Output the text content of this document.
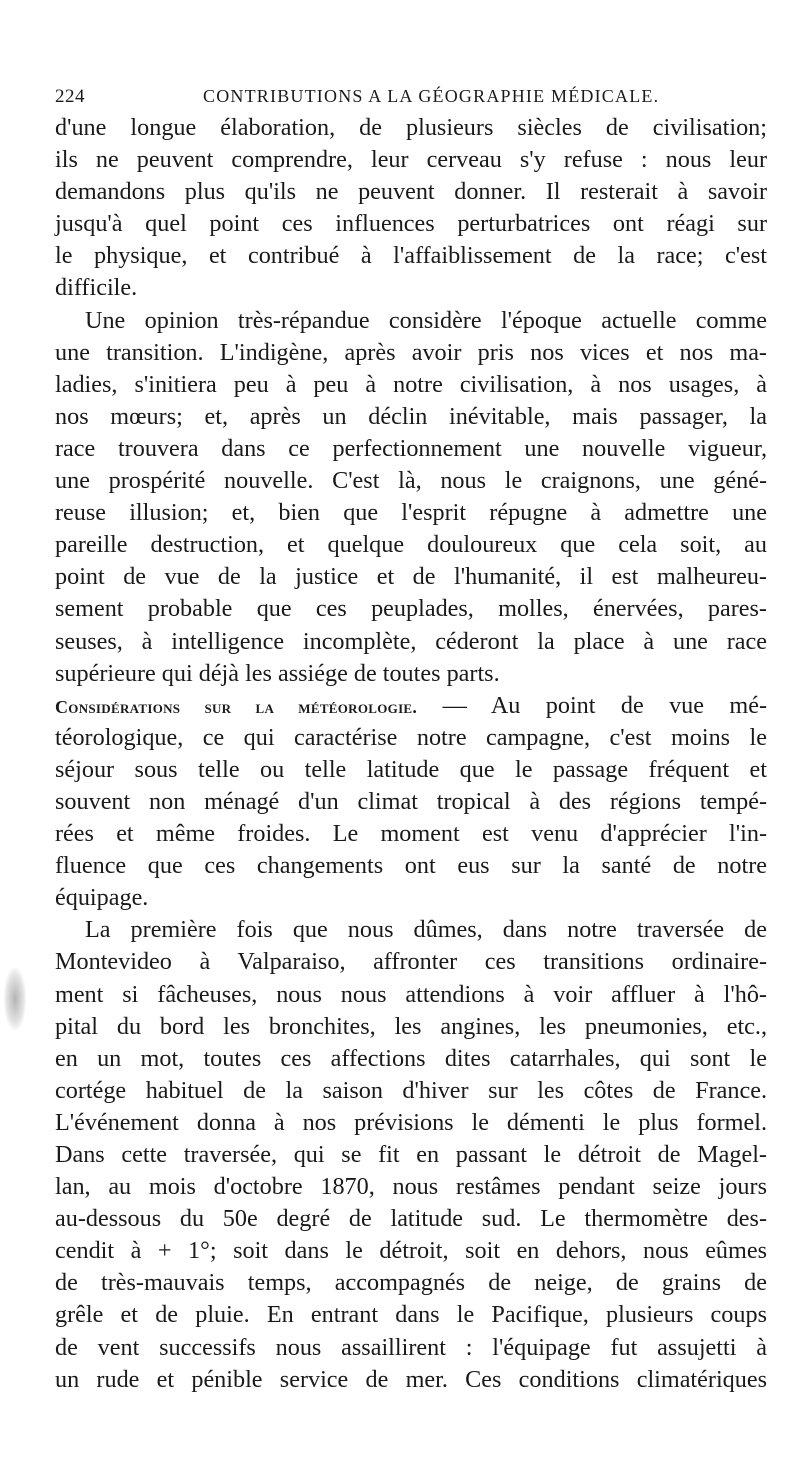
224	CONTRIBUTIONS A LA GÉOGRAPHIE MÉDICALE.

d'une longue élaboration, de plusieurs siècles de civilisation;
ils ne peuvent comprendre, leur cerveau s'y refuse : nous leur
demandons plus qu'ils ne peuvent donner. Il resterait à savoir
jusqu'à quel point ces influences perturbatrices ont réagi sur
le physique, et contribué à l'affaiblissement de la race; c'est
difficile.

Une opinion très-répandue considère l'époque actuelle comme
une transition. L'indigène, après avoir pris nos vices et nos ma-
ladies, s'initiera peu à peu à notre civilisation, à nos usages, à
nos mœurs; et, après un déclin inévitable, mais passager, la
race trouvera dans ce perfectionnement une nouvelle vigueur,
une prospérité nouvelle. C'est là, nous le craignons, une géné-
reuse illusion; et, bien que l'esprit répugne à admettre une
pareille destruction, et quelque douloureux que cela soit, au
point de vue de la justice et de l'humanité, il est malheureu-
sement probable que ces peuplades, molles, énervées, pares-
seuses, à intelligence incomplète, céderont la place à une race
supérieure qui déjà les assiége de toutes parts.

Considérations sur la météorologie. — Au point de vue mé-
téorologique, ce qui caractérise notre campagne, c'est moins le
séjour sous telle ou telle latitude que le passage fréquent et
souvent non ménagé d'un climat tropical à des régions tempé-
rées et même froides. Le moment est venu d'apprécier l'in-
fluence que ces changements ont eus sur la santé de notre
équipage.

La première fois que nous dûmes, dans notre traversée de
Montevideo à Valparaiso, affronter ces transitions ordinaire-
ment si fâcheuses, nous nous attendions à voir affluer à l'hô-
pital du bord les bronchites, les angines, les pneumonies, etc.,
en un mot, toutes ces affections dites catarrhales, qui sont le
cortége habituel de la saison d'hiver sur les côtes de France.
L'événement donna à nos prévisions le démenti le plus formel.
Dans cette traversée, qui se fit en passant le détroit de Magel-
lan, au mois d'octobre 1870, nous restâmes pendant seize jours
au-dessous du 50e degré de latitude sud. Le thermomètre des-
cendit à + 1°; soit dans le détroit, soit en dehors, nous eûmes
de très-mauvais temps, accompagnés de neige, de grains de
grêle et de pluie. En entrant dans le Pacifique, plusieurs coups
de vent successifs nous assaillirent : l'équipage fut assujetti à
un rude et pénible service de mer. Ces conditions climatériques
